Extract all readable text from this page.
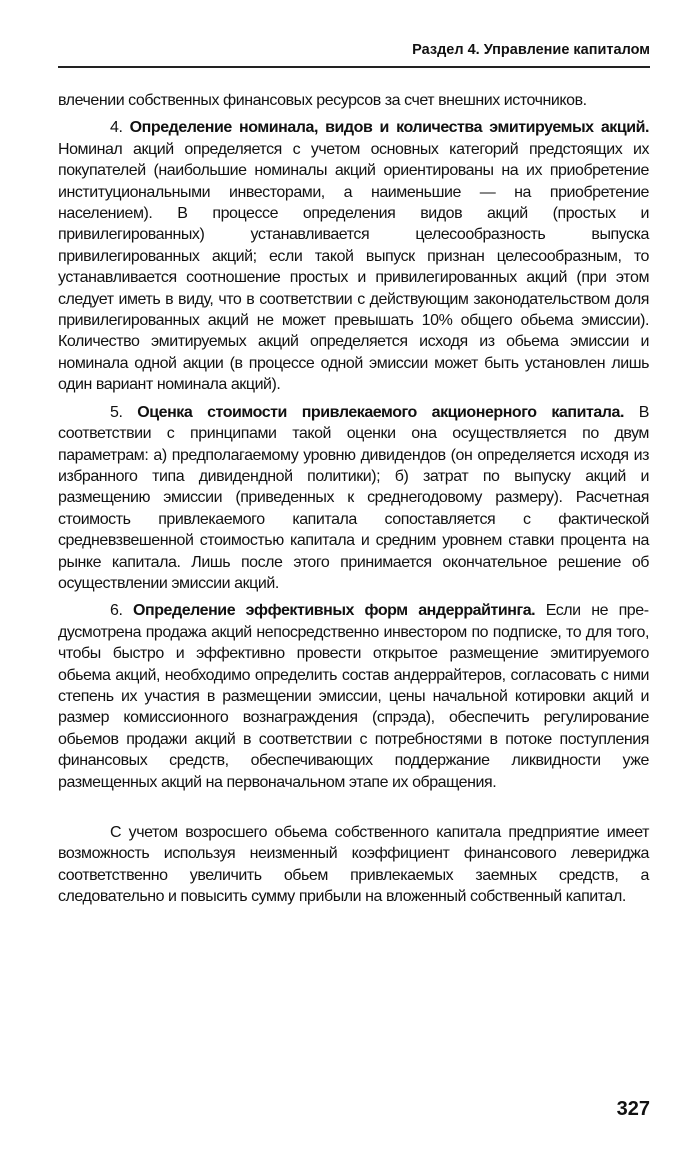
Раздел 4. Управление капиталом

влечении собственных финансовых ресурсов за счет внешних источников.

4. Определение номинала, видов и количества эмитируемых акций. Номинал акций определяется с учетом основных категорий предстоящих их покупателей (наибольшие номиналы акций ориентированы на их приобретение институциональными инвесторами, а наименьшие — на приобретение населением). В процессе определения видов акций (простых и привилегированных) устанавливается целесообразность выпуска привилегированных акций; если такой выпуск признан целесообразным, то устанавливается соотношение простых и привилегированных акций (при этом следует иметь в виду, что в соответствии с действующим законодательством доля привилегированных акций не может превышать 10% общего обьема эмиссии). Количество эмитируемых акций определяется исходя из обьема эмиссии и номинала одной акции (в процессе одной эмиссии может быть установлен лишь один вариант номинала акций).

5. Оценка стоимости привлекаемого акционерного капитала. В соответствии с принципами такой оценки она осуществляется по двум параметрам: а) предполагаемому уровню дивидендов (он определяется исходя из избранного типа дивидендной политики); б) затрат по выпуску акций и размещению эмиссии (приведенных к среднегодовому размеру). Расчетная стоимость привлекаемого капитала сопоставляется с фактической средневзвешенной стоимостью капитала и средним уровнем ставки процента на рынке капитала. Лишь после этого принимается окончательное решение об осуществлении эмиссии акций.

6. Определение эффективных форм андеррайтинга. Если не предусмотрена продажа акций непосредственно инвестором по подписке, то для того, чтобы быстро и эффективно провести открытое размещение эмитируемого обьема акций, необходимо определить состав андеррайтеров, согласовать с ними степень их участия в размещении эмиссии, цены начальной котировки акций и размер комиссионного вознаграждения (спрэда), обеспечить регулирование обьемов продажи акций в соответствии с потребностями в потоке поступления финансовых средств, обеспечивающих поддержание ликвидности уже размещенных акций на первоначальном этапе их обращения.

С учетом возросшего обьема собственного капитала предприятие имеет возможность используя неизменный коэффициент финансового левериджа соответственно увеличить обьем привлекаемых заемных средств, а следовательно и повысить сумму прибыли на вложенный собственный капитал.

327
